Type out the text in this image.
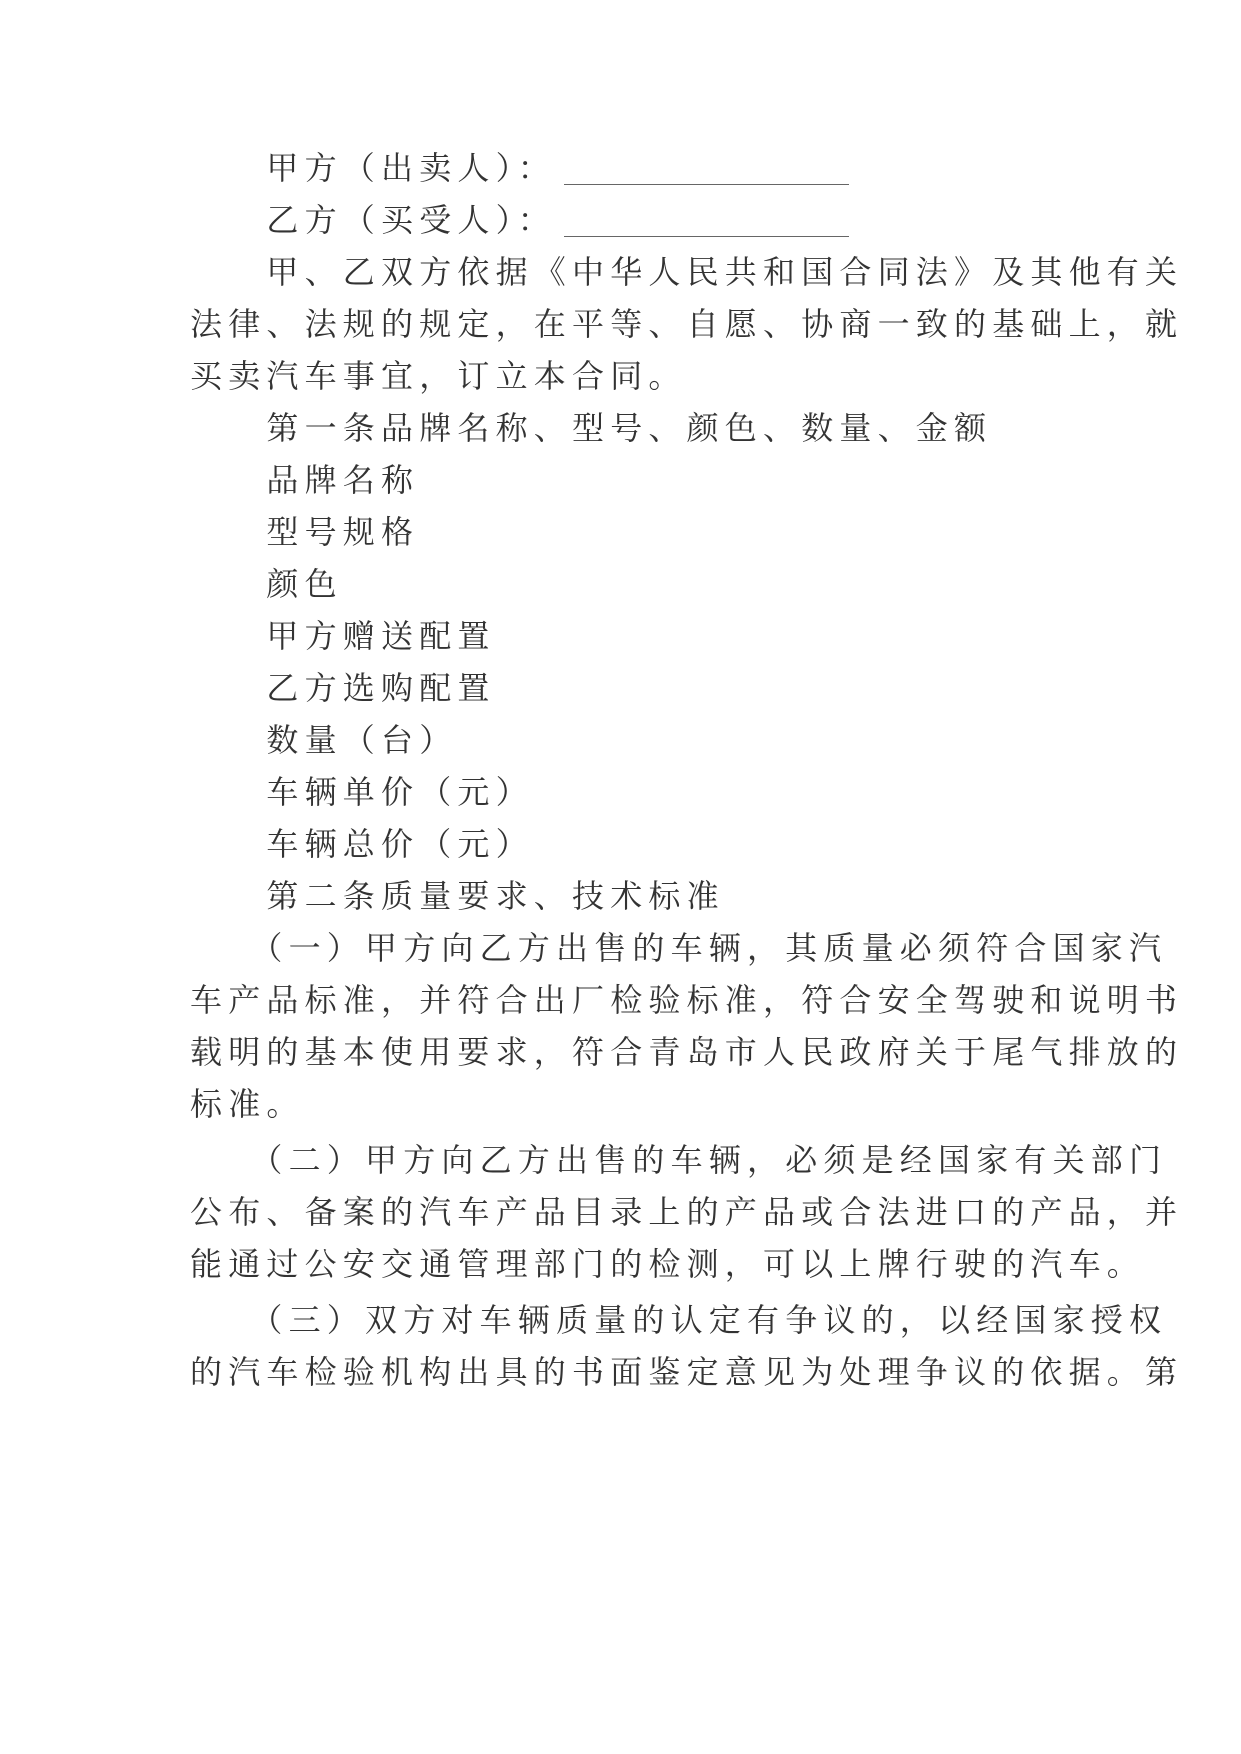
　　甲方（出卖人）：

　　乙方（买受人）：

　　甲、乙双方依据《中华人民共和国合同法》及其他有关

法律、法规的规定，在平等、自愿、协商一致的基础上，就

买卖汽车事宜，订立本合同。

　　第一条品牌名称、型号、颜色、数量、金额

　　品牌名称

　　型号规格

　　颜色

　　甲方赠送配置

　　乙方选购配置

　　数量（台）

　　车辆单价（元）

　　车辆总价（元）

　　第二条质量要求、技术标准

　　（一）甲方向乙方出售的车辆，其质量必须符合国家汽

车产品标准，并符合出厂检验标准，符合安全驾驶和说明书

载明的基本使用要求，符合青岛市人民政府关于尾气排放的

标准。

　　（二）甲方向乙方出售的车辆，必须是经国家有关部门

公布、备案的汽车产品目录上的产品或合法进口的产品，并

能通过公安交通管理部门的检测，可以上牌行驶的汽车。

　　（三）双方对车辆质量的认定有争议的，以经国家授权

的汽车检验机构出具的书面鉴定意见为处理争议的依据。第
